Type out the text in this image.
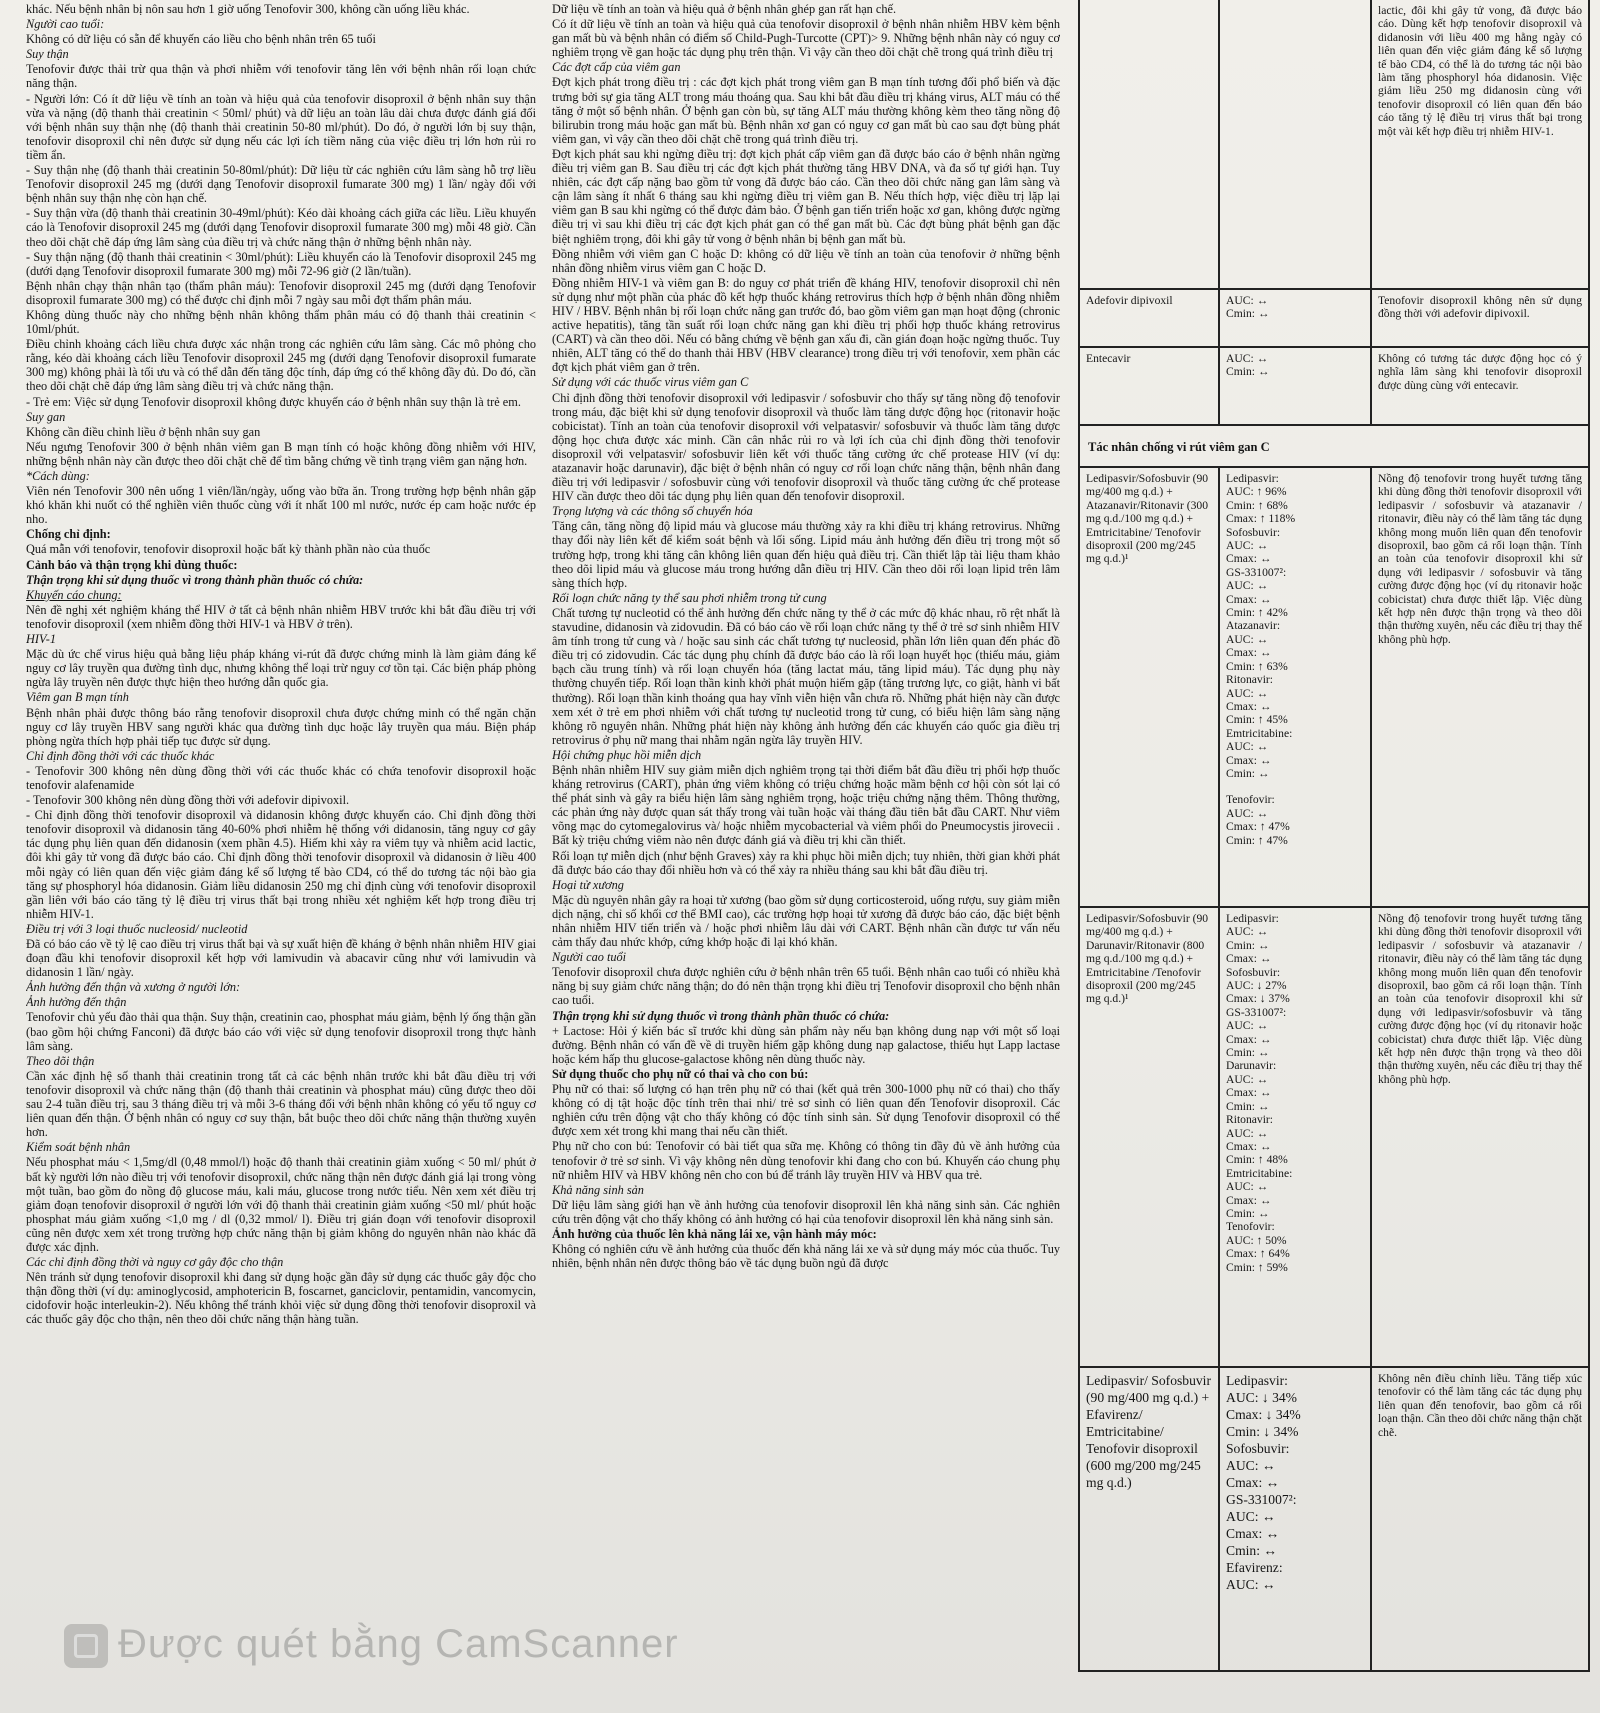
khác. Nếu bệnh nhân bị nôn sau hơn 1 giờ uống Tenofovir 300, không cần uống liều khác.

Người cao tuổi:

Không có dữ liệu có sẵn để khuyến cáo liều cho bệnh nhân trên 65 tuổi

Suy thận

Tenofovir được thải trừ qua thận và phơi nhiễm với tenofovir tăng lên với bệnh nhân rối loạn chức năng thận.

- Người lớn: Có ít dữ liệu về tính an toàn và hiệu quả của tenofovir disoproxil ở bệnh nhân suy thận vừa và nặng (độ thanh thải creatinin < 50ml/ phút) và dữ liệu an toàn lâu dài chưa được đánh giá đối với bệnh nhân suy thận nhẹ (độ thanh thải creatinin 50-80 ml/phút). Do đó, ở người lớn bị suy thận, tenofovir disoproxil chỉ nên được sử dụng nếu các lợi ích tiềm năng của việc điều trị lớn hơn rủi ro tiềm ẩn.

- Suy thận nhẹ (độ thanh thải creatinin 50-80ml/phút): Dữ liệu từ các nghiên cứu lâm sàng hỗ trợ liều Tenofovir disoproxil 245 mg (dưới dạng Tenofovir disoproxil fumarate 300 mg) 1 lần/ ngày đối với bệnh nhân suy thận nhẹ còn hạn chế.

- Suy thận vừa (độ thanh thải creatinin 30-49ml/phút): Kéo dài khoảng cách giữa các liều. Liều khuyến cáo là Tenofovir disoproxil 245 mg (dưới dạng Tenofovir disoproxil fumarate 300 mg) mỗi 48 giờ. Cần theo dõi chặt chẽ đáp ứng lâm sàng của điều trị và chức năng thận ở những bệnh nhân này.

- Suy thận nặng (độ thanh thải creatinin < 30ml/phút): Liều khuyến cáo là Tenofovir disoproxil 245 mg (dưới dạng Tenofovir disoproxil fumarate 300 mg) mỗi 72-96 giờ (2 lần/tuần).

Bệnh nhân chạy thận nhân tạo (thẩm phân máu): Tenofovir disoproxil 245 mg (dưới dạng Tenofovir disoproxil fumarate 300 mg) có thể được chỉ định mỗi 7 ngày sau mỗi đợt thẩm phân máu.

Không dùng thuốc này cho những bệnh nhân không thẩm phân máu có độ thanh thải creatinin < 10ml/phút.

Điều chỉnh khoảng cách liều chưa được xác nhận trong các nghiên cứu lâm sàng. Các mô phỏng cho rằng, kéo dài khoảng cách liều Tenofovir disoproxil 245 mg (dưới dạng Tenofovir disoproxil fumarate 300 mg) không phải là tối ưu và có thể dẫn đến tăng độc tính, đáp ứng có thể không đầy đủ. Do đó, cần theo dõi chặt chẽ đáp ứng lâm sàng điều trị và chức năng thận.

- Trẻ em: Việc sử dụng Tenofovir disoproxil không được khuyến cáo ở bệnh nhân suy thận là trẻ em.

Suy gan

Không cần điều chỉnh liều ở bệnh nhân suy gan

Nếu ngưng Tenofovir 300 ở bệnh nhân viêm gan B mạn tính có hoặc không đồng nhiễm với HIV, những bệnh nhân này cần được theo dõi chặt chẽ để tìm bằng chứng về tình trạng viêm gan nặng hơn.

*Cách dùng:

Viên nén Tenofovir 300 nên uống 1 viên/lần/ngày, uống vào bữa ăn. Trong trường hợp bệnh nhân gặp khó khăn khi nuốt có thể nghiền viên thuốc cùng với ít nhất 100 ml nước, nước ép cam hoặc nước ép nho.

Chống chỉ định:

Quá mẫn với tenofovir, tenofovir disoproxil hoặc bất kỳ thành phần nào của thuốc

Cảnh báo và thận trọng khi dùng thuốc:

Thận trọng khi sử dụng thuốc vì trong thành phần thuốc có chứa:

Khuyến cáo chung:

Nên đề nghị xét nghiệm kháng thể HIV ở tất cả bệnh nhân nhiễm HBV trước khi bắt đầu điều trị với tenofovir disoproxil (xem nhiễm đồng thời HIV-1 và HBV ở trên).

HIV-1

Mặc dù ức chế virus hiệu quả bằng liệu pháp kháng vi-rút đã được chứng minh là làm giảm đáng kể nguy cơ lây truyền qua đường tình dục, nhưng không thể loại trừ nguy cơ tồn tại. Các biện pháp phòng ngừa lây truyền nên được thực hiện theo hướng dẫn quốc gia.

Viêm gan B mạn tính

Bệnh nhân phải được thông báo rằng tenofovir disoproxil chưa được chứng minh có thể ngăn chặn nguy cơ lây truyền HBV sang người khác qua đường tình dục hoặc lây truyền qua máu. Biện pháp phòng ngừa thích hợp phải tiếp tục được sử dụng.

Chỉ định đồng thời với các thuốc khác

- Tenofovir 300 không nên dùng đồng thời với các thuốc khác có chứa tenofovir disoproxil hoặc tenofovir alafenamide

- Tenofovir 300 không nên dùng đồng thời với adefovir dipivoxil.

- Chỉ định đồng thời tenofovir disoproxil và didanosin không được khuyến cáo. Chỉ định đồng thời tenofovir disoproxil và didanosin tăng 40-60% phơi nhiễm hệ thống với didanosin, tăng nguy cơ gây tác dụng phụ liên quan đến didanosin (xem phần 4.5). Hiếm khi xảy ra viêm tụy và nhiễm acid lactic, đôi khi gây tử vong đã được báo cáo. Chỉ định đồng thời tenofovir disoproxil và didanosin ở liều 400 mỗi ngày có liên quan đến việc giảm đáng kể số lượng tế bào CD4, có thể do tương tác nội bào gia tăng sự phosphoryl hóa didanosin. Giảm liều didanosin 250 mg chỉ định cùng với tenofovir disoproxil gần liên với báo cáo tăng tỷ lệ điều trị virus thất bại trong nhiều xét nghiệm kết hợp trong điều trị nhiễm HIV-1.

Điều trị với 3 loại thuốc nucleosid/ nucleotid

Đã có báo cáo về tỷ lệ cao điều trị virus thất bại và sự xuất hiện đề kháng ở bệnh nhân nhiễm HIV giai đoạn đầu khi tenofovir disoproxil kết hợp với lamivudin và abacavir cũng như với lamivudin và didanosin 1 lần/ ngày.

Ảnh hưởng đến thận và xương ở người lớn:

Ảnh hưởng đến thận

Tenofovir chủ yếu đào thải qua thận. Suy thận, creatinin cao, phosphat máu giảm, bệnh lý ống thận gần (bao gồm hội chứng Fanconi) đã được báo cáo với việc sử dụng tenofovir disoproxil trong thực hành lâm sàng.

Theo dõi thận

Cần xác định hệ số thanh thải creatinin trong tất cả các bệnh nhân trước khi bắt đầu điều trị với tenofovir disoproxil và chức năng thận (độ thanh thải creatinin và phosphat máu) cũng được theo dõi sau 2-4 tuần điều trị, sau 3 tháng điều trị và mỗi 3-6 tháng đối với bệnh nhân không có yếu tố nguy cơ liên quan đến thận. Ở bệnh nhân có nguy cơ suy thận, bắt buộc theo dõi chức năng thận thường xuyên hơn.

Kiểm soát bệnh nhân

Nếu phosphat máu < 1,5mg/dl (0,48 mmol/l) hoặc độ thanh thải creatinin giảm xuống < 50 ml/ phút ở bất kỳ người lớn nào điều trị với tenofovir disoproxil, chức năng thận nên được đánh giá lại trong vòng một tuần, bao gồm đo nồng độ glucose máu, kali máu, glucose trong nước tiểu. Nên xem xét điều trị giảm đoạn tenofovir disoproxil ở người lớn với độ thanh thải creatinin giảm xuống <50 ml/ phút hoặc phosphat máu giảm xuống <1,0 mg / dl (0,32 mmol/ l). Điều trị gián đoạn với tenofovir disoproxil cũng nên được xem xét trong trường hợp chức năng thận bị giảm không do nguyên nhân nào khác đã được xác định.

Các chỉ định đồng thời và nguy cơ gây độc cho thận

Nên tránh sử dụng tenofovir disoproxil khi đang sử dụng hoặc gần đây sử dụng các thuốc gây độc cho thận đồng thời (ví dụ: aminoglycosid, amphotericin B, foscarnet, ganciclovir, pentamidin, vancomycin, cidofovir hoặc interleukin-2). Nếu không thể tránh khỏi việc sử dụng đồng thời tenofovir disoproxil và các thuốc gây độc cho thận, nên theo dõi chức năng thận hàng tuần.

Dữ liệu về tính an toàn và hiệu quả ở bệnh nhân ghép gan rất hạn chế.

Có ít dữ liệu về tính an toàn và hiệu quả của tenofovir disoproxil ở bệnh nhân nhiễm HBV kèm bệnh gan mất bù và bệnh nhân có điểm số Child-Pugh-Turcotte (CPT)> 9. Những bệnh nhân này có nguy cơ nghiêm trọng về gan hoặc tác dụng phụ trên thận. Vì vậy cần theo dõi chặt chẽ trong quá trình điều trị

Các đợt cấp của viêm gan

Đợt kịch phát trong điều trị : các đợt kịch phát trong viêm gan B mạn tính tương đối phổ biến và đặc trưng bởi sự gia tăng ALT trong máu thoáng qua. Sau khi bắt đầu điều trị kháng virus, ALT máu có thể tăng ở một số bệnh nhân. Ở bệnh gan còn bù, sự tăng ALT máu thường không kèm theo tăng nồng độ bilirubin trong máu hoặc gan mất bù. Bệnh nhân xơ gan có nguy cơ gan mất bù cao sau đợt bùng phát viêm gan, vì vậy cần theo dõi chặt chẽ trong quá trình điều trị.

Đợt kịch phát sau khi ngừng điều trị: đợt kịch phát cấp viêm gan đã được báo cáo ở bệnh nhân ngừng điều trị viêm gan B. Sau điều trị các đợt kịch phát thường tăng HBV DNA, và đa số tự giới hạn. Tuy nhiên, các đợt cấp nặng bao gồm tử vong đã được báo cáo. Cần theo dõi chức năng gan lâm sàng và cận lâm sàng ít nhất 6 tháng sau khi ngừng điều trị viêm gan B. Nếu thích hợp, việc điều trị lặp lại viêm gan B sau khi ngừng có thể được đảm bảo. Ở bệnh gan tiến triển hoặc xơ gan, không được ngừng điều trị vì sau khi điều trị các đợt kịch phát gan có thể gan mất bù. Các đợt bùng phát bệnh gan đặc biệt nghiêm trọng, đôi khi gây tử vong ở bệnh nhân bị bệnh gan mất bù.

Đồng nhiễm với viêm gan C hoặc D: không có dữ liệu về tính an toàn của tenofovir ở những bệnh nhân đồng nhiễm virus viêm gan C hoặc D.

Đồng nhiễm HIV-1 và viêm gan B: do nguy cơ phát triển đề kháng HIV, tenofovir disoproxil chỉ nên sử dụng như một phần của phác đồ kết hợp thuốc kháng retrovirus thích hợp ở bệnh nhân đồng nhiễm HIV / HBV. Bệnh nhân bị rối loạn chức năng gan trước đó, bao gồm viêm gan mạn hoạt động (chronic active hepatitis), tăng tần suất rối loạn chức năng gan khi điều trị phối hợp thuốc kháng retrovirus (CART) và cần theo dõi. Nếu có bằng chứng về bệnh gan xấu đi, cần gián đoạn hoặc ngừng thuốc. Tuy nhiên, ALT tăng có thể do thanh thải HBV (HBV clearance) trong điều trị với tenofovir, xem phần các đợt kịch phát viêm gan ở trên.

Sử dụng với các thuốc virus viêm gan C

Chỉ định đồng thời tenofovir disoproxil với ledipasvir / sofosbuvir cho thấy sự tăng nồng độ tenofovir trong máu, đặc biệt khi sử dụng tenofovir disoproxil và thuốc làm tăng dược động học (ritonavir hoặc cobicistat). Tính an toàn của tenofovir disoproxil với velpatasvir/ sofosbuvir và thuốc làm tăng dược động học chưa được xác minh. Cần cân nhắc rủi ro và lợi ích của chỉ định đồng thời tenofovir disoproxil với velpatasvir/ sofosbuvir liên kết với thuốc tăng cường ức chế protease HIV (ví dụ: atazanavir hoặc darunavir), đặc biệt ở bệnh nhân có nguy cơ rối loạn chức năng thận, bệnh nhân đang điều trị với ledipasvir / sofosbuvir cùng với tenofovir disoproxil và thuốc tăng cường ức chế protease HIV cần được theo dõi tác dụng phụ liên quan đến tenofovir disoproxil.

Trọng lượng và các thông số chuyển hóa

Tăng cân, tăng nồng độ lipid máu và glucose máu thường xảy ra khi điều trị kháng retrovirus. Những thay đổi này liên kết để kiểm soát bệnh và lối sống. Lipid máu ảnh hưởng đến điều trị trong một số trường hợp, trong khi tăng cân không liên quan đến hiệu quả điều trị. Cần thiết lập tài liệu tham khảo theo dõi lipid máu và glucose máu trong hướng dẫn điều trị HIV. Cần theo dõi rối loạn lipid trên lâm sàng thích hợp.

Rối loạn chức năng ty thể sau phơi nhiễm trong tử cung

Chất tương tự nucleotid có thể ảnh hưởng đến chức năng ty thể ở các mức độ khác nhau, rõ rệt nhất là stavudine, didanosin và zidovudin. Đã có báo cáo về rối loạn chức năng ty thể ở trẻ sơ sinh nhiễm HIV âm tính trong tử cung và / hoặc sau sinh các chất tương tự nucleosid, phần lớn liên quan đến phác đồ điều trị có zidovudin. Các tác dụng phụ chính đã được báo cáo là rối loạn huyết học (thiếu máu, giảm bạch cầu trung tính) và rối loạn chuyển hóa (tăng lactat máu, tăng lipid máu). Tác dụng phụ này thường chuyển tiếp. Rối loạn thần kinh khởi phát muộn hiếm gặp (tăng trương lực, co giật, hành vi bất thường). Rối loạn thần kinh thoáng qua hay vĩnh viễn hiện vẫn chưa rõ. Những phát hiện này cần được xem xét ở trẻ em phơi nhiễm với chất tương tự nucleotid trong tử cung, có biểu hiện lâm sàng nặng không rõ nguyên nhân. Những phát hiện này không ảnh hưởng đến các khuyến cáo quốc gia điều trị retrovirus ở phụ nữ mang thai nhằm ngăn ngừa lây truyền HIV.

Hội chứng phục hồi miễn dịch

Bệnh nhân nhiễm HIV suy giảm miễn dịch nghiêm trọng tại thời điểm bắt đầu điều trị phối hợp thuốc kháng retrovirus (CART), phản ứng viêm không có triệu chứng hoặc mầm bệnh cơ hội còn sót lại có thể phát sinh và gây ra biểu hiện lâm sàng nghiêm trọng, hoặc triệu chứng nặng thêm. Thông thường, các phản ứng này được quan sát thấy trong vài tuần hoặc vài tháng đầu tiên bắt đầu CART. Như viêm võng mạc do cytomegalovirus và/ hoặc nhiễm mycobacterial và viêm phổi do Pneumocystis jirovecii . Bất kỳ triệu chứng viêm nào nên được đánh giá và điều trị khi cần thiết.

Rối loạn tự miễn dịch (như bệnh Graves) xảy ra khi phục hồi miễn dịch; tuy nhiên, thời gian khởi phát đã được báo cáo thay đổi nhiều hơn và có thể xảy ra nhiều tháng sau khi bắt đầu điều trị.

Hoại tử xương

Mặc dù nguyên nhân gây ra hoại tử xương (bao gồm sử dụng corticosteroid, uống rượu, suy giảm miễn dịch nặng, chỉ số khối cơ thể BMI cao), các trường hợp hoại tử xương đã được báo cáo, đặc biệt bệnh nhân nhiễm HIV tiến triển và / hoặc phơi nhiễm lâu dài với CART. Bệnh nhân cần được tư vấn nếu cảm thấy đau nhức khớp, cứng khớp hoặc đi lại khó khăn.

Người cao tuổi

Tenofovir disoproxil chưa được nghiên cứu ở bệnh nhân trên 65 tuổi. Bệnh nhân cao tuổi có nhiều khả năng bị suy giảm chức năng thận; do đó nên thận trọng khi điều trị Tenofovir disoproxil cho bệnh nhân cao tuổi.

Thận trọng khi sử dụng thuốc vì trong thành phần thuốc có chứa:

+ Lactose: Hỏi ý kiến bác sĩ trước khi dùng sản phẩm này nếu bạn không dung nạp với một số loại đường. Bệnh nhân có vấn đề về di truyền hiếm gặp không dung nạp galactose, thiếu hụt Lapp lactase hoặc kém hấp thu glucose-galactose không nên dùng thuốc này.

Sử dụng thuốc cho phụ nữ có thai và cho con bú:

Phụ nữ có thai: số lượng có hạn trên phụ nữ có thai (kết quả trên 300-1000 phụ nữ có thai) cho thấy không có dị tật hoặc độc tính trên thai nhi/ trẻ sơ sinh có liên quan đến Tenofovir disoproxil. Các nghiên cứu trên động vật cho thấy không có độc tính sinh sản. Sử dụng Tenofovir disoproxil có thể được xem xét trong khi mang thai nếu cần thiết.

Phụ nữ cho con bú: Tenofovir có bài tiết qua sữa mẹ. Không có thông tin đầy đủ về ảnh hưởng của tenofovir ở trẻ sơ sinh. Vì vậy không nên dùng tenofovir khi đang cho con bú. Khuyến cáo chung phụ nữ nhiễm HIV và HBV không nên cho con bú để tránh lây truyền HIV và HBV qua trẻ.

Khả năng sinh sản

Dữ liệu lâm sàng giới hạn về ảnh hưởng của tenofovir disoproxil lên khả năng sinh sản. Các nghiên cứu trên động vật cho thấy không có ảnh hưởng có hại của tenofovir disoproxil lên khả năng sinh sản.

Ảnh hưởng của thuốc lên khả năng lái xe, vận hành máy móc:

Không có nghiên cứu về ảnh hưởng của thuốc đến khả năng lái xe và sử dụng máy móc của thuốc. Tuy nhiên, bệnh nhân nên được thông báo về tác dụng buồn ngủ đã được

lactic, đôi khi gây tử vong, đã được báo cáo. Dùng kết hợp tenofovir disoproxil và didanosin với liều 400 mg hằng ngày có liên quan đến việc giảm đáng kể số lượng tế bào CD4, có thể là do tương tác nội bào làm tăng phosphoryl hóa didanosin. Việc giảm liều 250 mg didanosin cùng với tenofovir disoproxil có liên quan đến báo cáo tăng tỷ lệ điều trị virus thất bại trong một vài kết hợp điều trị nhiễm HIV-1.
Adefovir dipivoxil	AUC: ↔
Cmin: ↔
Tenofovir disoproxil không nên sử dụng đồng thời với adefovir dipivoxil.
Entecavir	AUC: ↔
Cmin: ↔
Không có tương tác dược động học có ý nghĩa lâm sàng khi tenofovir disoproxil được dùng cùng với entecavir.
Tác nhân chống vi rút viêm gan C
Ledipasvir/Sofosbuvir (90 mg/400 mg q.d.) + Atazanavir/Ritonavir (300 mg q.d./100 mg q.d.) + Emtricitabine/ Tenofovir disoproxil (200 mg/245 mg q.d.)¹
Ledipasvir:
AUC: ↑ 96%
Cmin: ↑ 68%
Cmax: ↑ 118%
Sofosbuvir:
AUC: ↔
Cmax: ↔
GS-331007²:
AUC: ↔
Cmax: ↔
Cmin: ↑ 42%
Atazanavir:
AUC: ↔
Cmax: ↔
Cmin: ↑ 63%
Ritonavir:
AUC: ↔
Cmax: ↔
Cmin: ↑ 45%
Emtricitabine:
AUC: ↔
Cmax: ↔
Cmin: ↔
Tenofovir:
AUC: ↔
Cmax: ↑ 47%
Cmin: ↑ 47%
Nồng độ tenofovir trong huyết tương tăng khi dùng đồng thời tenofovir disoproxil với ledipasvir / sofosbuvir và atazanavir / ritonavir, điều này có thể làm tăng tác dụng không mong muốn liên quan đến tenofovir disoproxil, bao gồm cả rối loạn thận. Tính an toàn của tenofovir disoproxil khi sử dụng với ledipasvir / sofosbuvir và tăng cường được động học (ví dụ ritonavir hoặc cobicistat) chưa được thiết lập. Việc dùng kết hợp nên được thận trọng và theo dõi thận thường xuyên, nếu các điều trị thay thế không phù hợp.
Ledipasvir/Sofosbuvir (90 mg/400 mg q.d.) + Darunavir/Ritonavir (800 mg q.d./100 mg q.d.) + Emtricitabine /Tenofovir disoproxil (200 mg/245 mg q.d.)¹
Ledipasvir:
AUC: ↔
Cmin: ↔
Cmax: ↔
Sofosbuvir:
AUC: ↓ 27%
Cmax: ↓ 37%
GS-331007²:
AUC: ↔
Cmax: ↔
Cmin: ↔
Darunavir:
AUC: ↔
Cmax: ↔
Cmin: ↔
Ritonavir:
AUC: ↔
Cmax: ↔
Cmin: ↑ 48%
Emtricitabine:
AUC: ↔
Cmax: ↔
Cmin: ↔
Tenofovir:
AUC: ↑ 50%
Cmax: ↑ 64%
Cmin: ↑ 59%
Nồng độ tenofovir trong huyết tương tăng khi dùng đồng thời tenofovir disoproxil với ledipasvir / sofosbuvir và atazanavir / ritonavir, điều này có thể làm tăng tác dụng không mong muốn liên quan đến tenofovir disoproxil, bao gồm cả rối loạn thận. Tính an toàn của tenofovir disoproxil khi sử dụng với ledipasvir/sofosbuvir và tăng cường được động học (ví dụ ritonavir hoặc cobicistat) chưa được thiết lập. Việc dùng kết hợp nên được thận trọng và theo dõi thận thường xuyên, nếu các điều trị thay thế không phù hợp.
Ledipasvir/ Sofosbuvir (90 mg/400 mg q.d.) + Efavirenz/ Emtricitabine/ Tenofovir disoproxil (600 mg/200 mg/245 mg q.d.)
Ledipasvir:
AUC: ↓ 34%
Cmax: ↓ 34%
Cmin: ↓ 34%
Sofosbuvir:
AUC: ↔
Cmax: ↔
GS-331007²:
AUC: ↔
Cmax: ↔
Cmin: ↔
Efavirenz:
AUC: ↔
Không nên điều chỉnh liều. Tăng tiếp xúc tenofovir có thể làm tăng các tác dụng phụ liên quan đến tenofovir, bao gồm cả rối loạn thận. Cần theo dõi chức năng thận chặt chẽ.
Được quét bằng CamScanner
